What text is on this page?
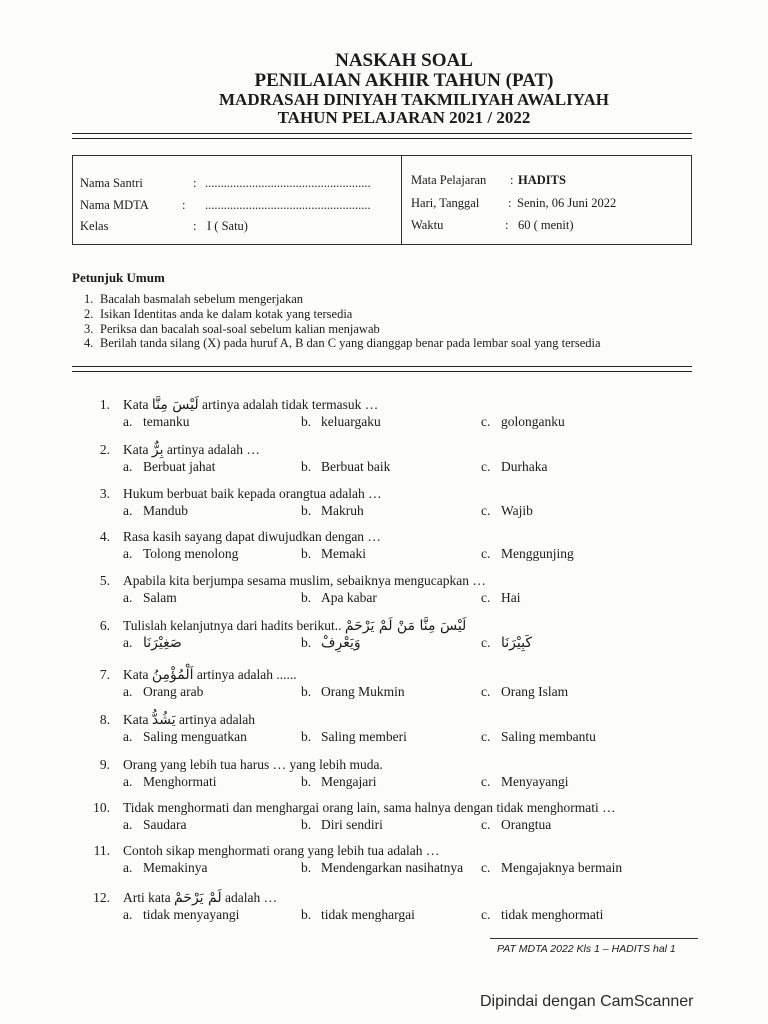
NASKAH SOAL
PENILAIAN AKHIR TAHUN (PAT)
MADRASAH DINIYAH TAKMILIYAH AWALIYAH
TAHUN PELAJARAN 2021 / 2022
Nama Santri	: .....................................................
Nama MDTA	: .....................................................
Kelas	: I ( Satu)
Mata Pelajaran : HADITS
Hari, Tanggal : Senin, 06 Juni 2022
Waktu	: 60 ( menit)
Petunjuk Umum
1. Bacalah basmalah sebelum mengerjakan
2. Isikan Identitas anda ke dalam kotak yang tersedia
3. Periksa dan bacalah soal-soal sebelum kalian menjawab
4. Berilah tanda silang (X) pada huruf A, B dan C yang dianggap benar pada lembar soal yang tersedia
1. Kata لَيْسَ مِنَّا artinya adalah tidak termasuk …
a. temanku	b. keluargaku	c. golonganku
2. Kata بِرٌّ artinya adalah …
a. Berbuat jahat	b. Berbuat baik	c. Durhaka
3. Hukum berbuat baik kepada orangtua adalah …
a. Mandub	b. Makruh	c. Wajib
4. Rasa kasih sayang dapat diwujudkan dengan …
a. Tolong menolong	b. Memaki	c. Menggunjing
5. Apabila kita berjumpa sesama muslim, sebaiknya mengucapkan …
a. Salam	b. Apa kabar	c. Hai
6. Tulislah kelanjutnya dari hadits berikut.. لَيْسَ مِنَّا مَنْ لَمْ يَرْحَمْ
a. صَغِيْرَنَا	b. وَيَعْرِفْ	c. كَبِيْرَنَا
7. Kata اَلْمُؤْمِنُ artinya adalah ......
a. Orang arab	b. Orang Mukmin	c. Orang Islam
8. Kata يَشُدُّ artinya adalah
a. Saling menguatkan	b. Saling memberi	c. Saling membantu
9. Orang yang lebih tua harus … yang lebih muda.
a. Menghormati	b. Mengajari	c. Menyayangi
10. Tidak menghormati dan menghargai orang lain, sama halnya dengan tidak menghormati …
a. Saudara	b. Diri sendiri	c. Orangtua
11. Contoh sikap menghormati orang yang lebih tua adalah …
a. Memakinya	b. Mendengarkan nasihatnya c. Mengajaknya bermain
12. Arti kata لَمْ يَرْحَمْ adalah …
a. tidak menyayangi	b. tidak menghargai	c. tidak menghormati
PAT MDTA 2022 Kls 1 – HADITS hal 1
Dipindai dengan CamScanner
